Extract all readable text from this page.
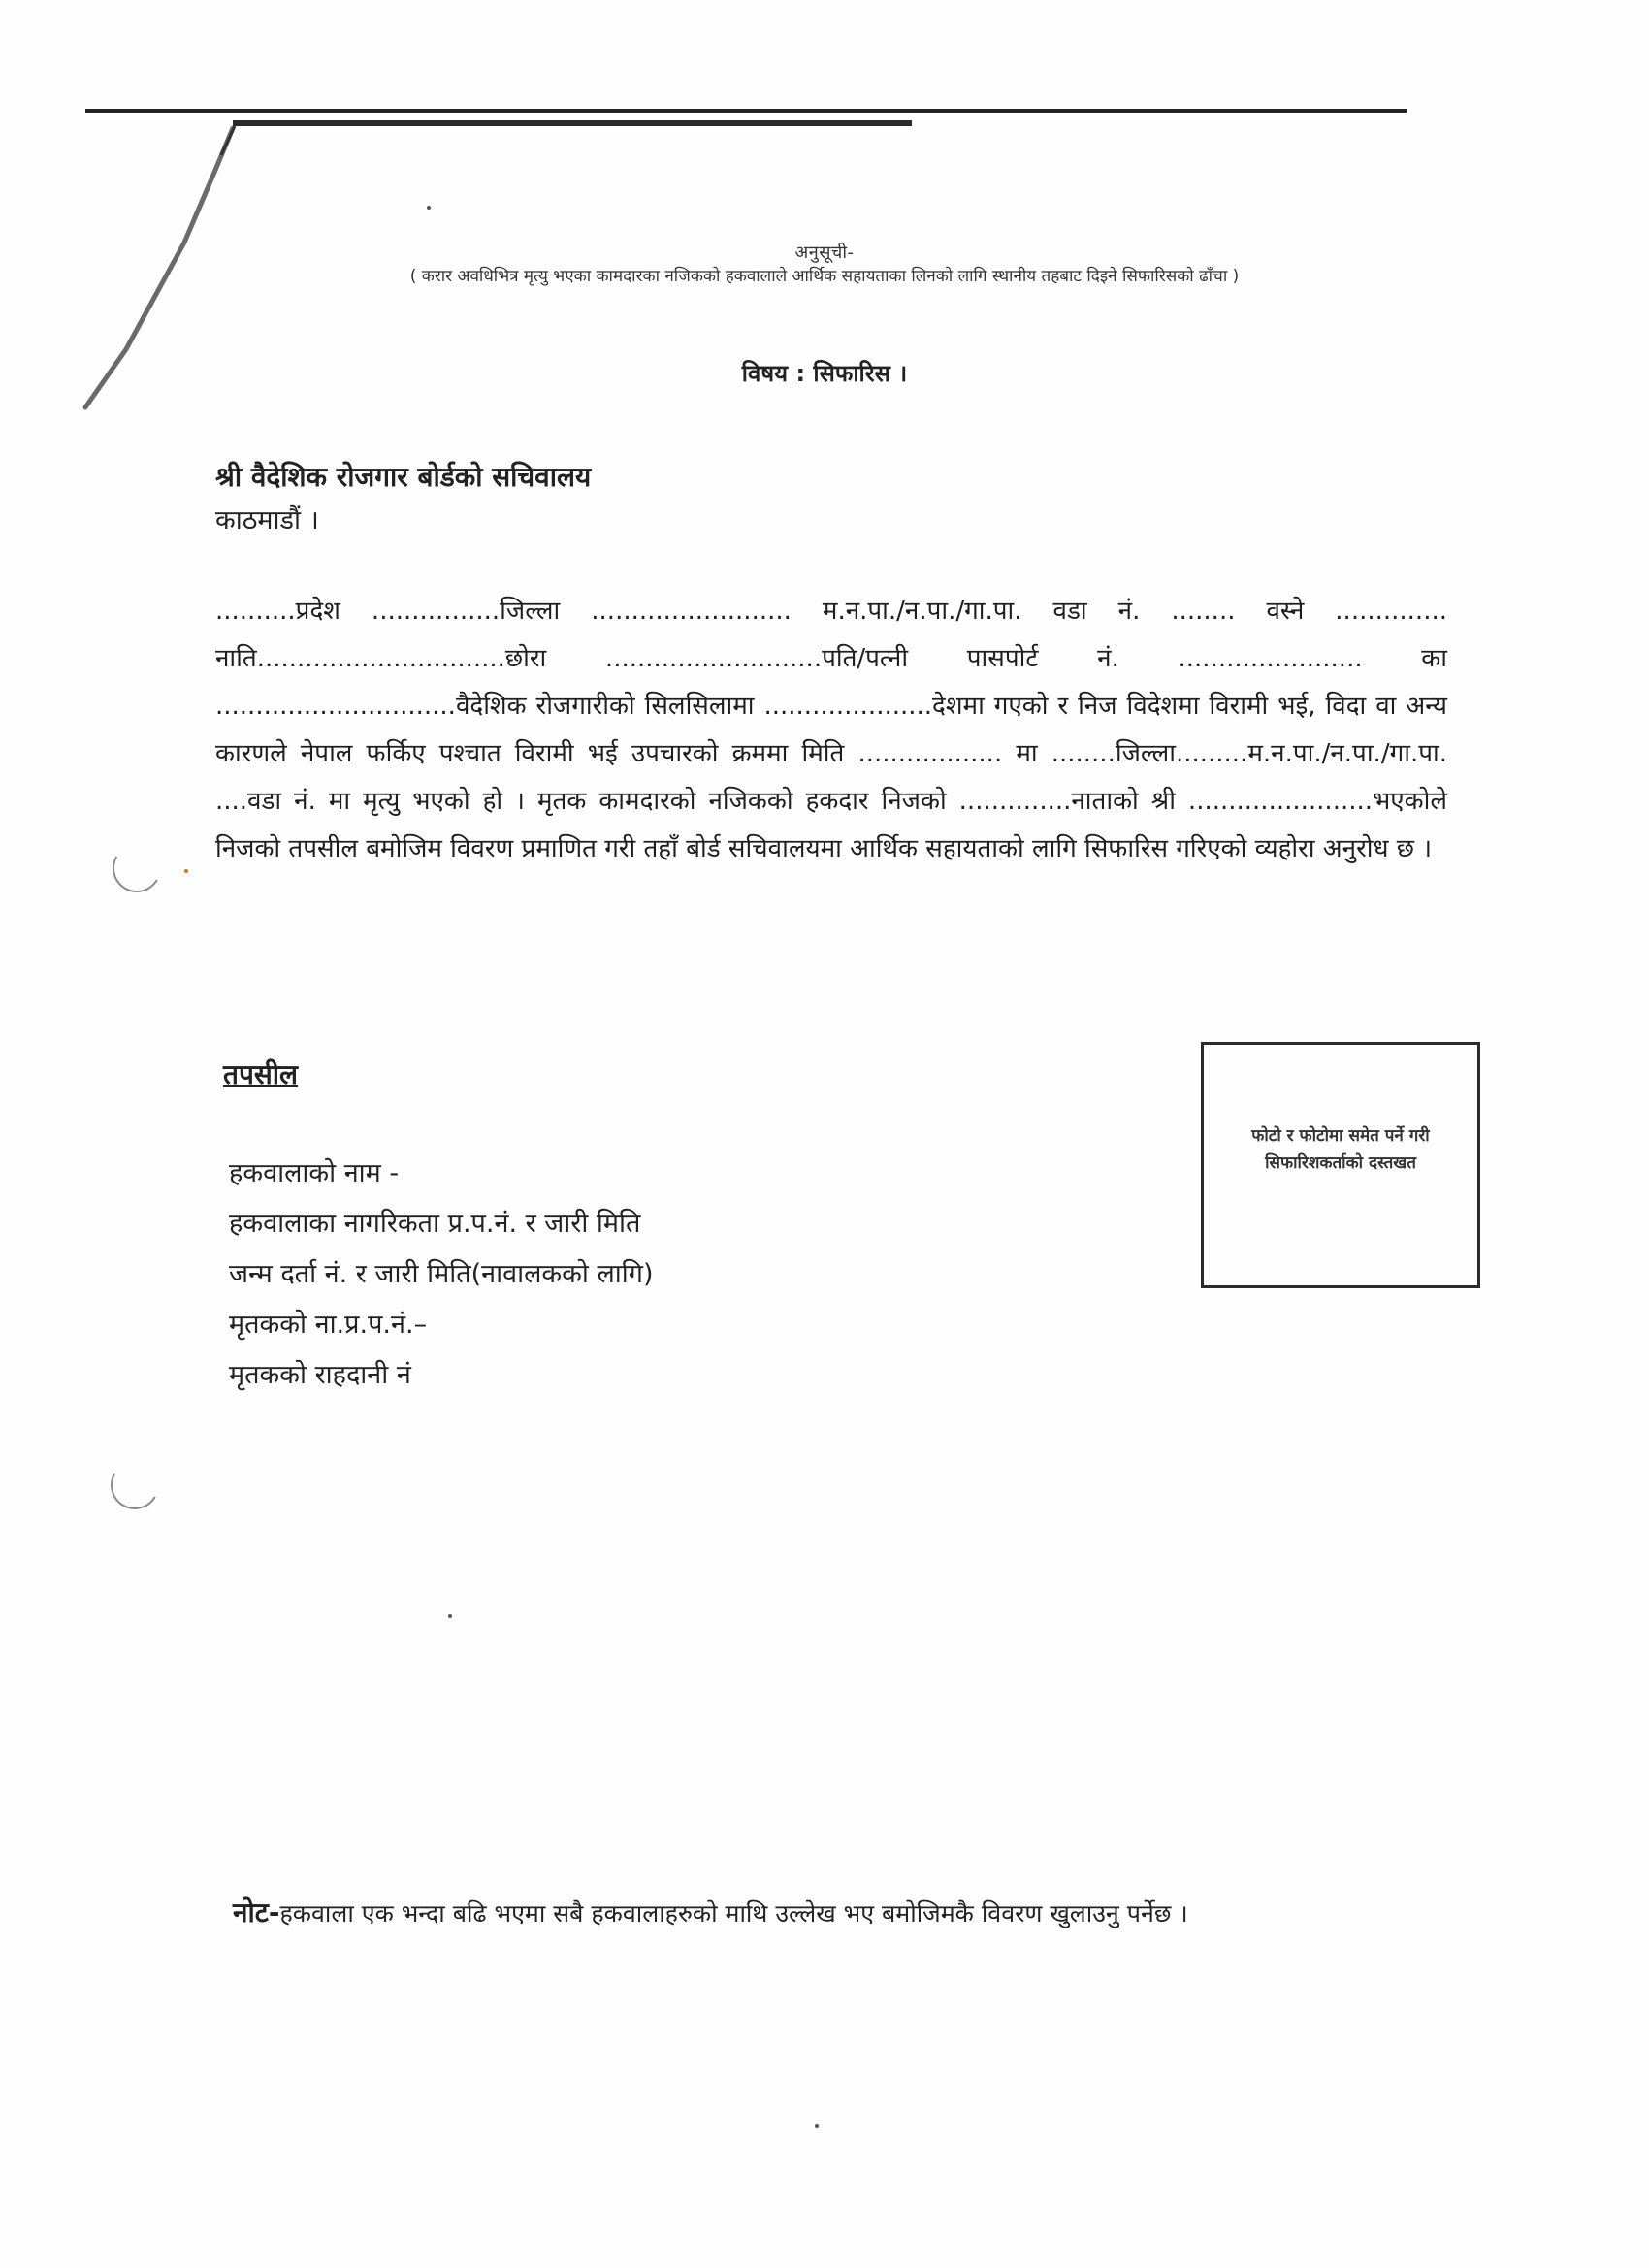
अनुसूची-
( करार अवधिभित्र मृत्यु भएका कामदारका नजिकको हकवालाले आर्थिक सहायताका लिनको लागि स्थानीय तहबाट दिइने सिफारिसको ढाँचा )
विषय : सिफारिस ।
श्री वैदेशिक रोजगार बोर्डको सचिवालय
काठमाडौं ।
..........प्रदेश ................जिल्ला ......................... म.न.पा./न.पा./गा.पा. वडा नं. ........ वस्ने .............. नाति...............................छोरा ...........................पति/पत्नी पासपोर्ट नं. ....................... का ..............................वैदेशिक रोजगारीको सिलसिलामा .....................देशमा गएको र निज विदेशमा विरामी भई, विदा वा अन्य कारणले नेपाल फर्किए पश्चात विरामी भई उपचारको क्रममा मिति .................. मा ........जिल्ला.........म.न.पा./न.पा./गा.पा. ....वडा नं. मा मृत्यु भएको हो । मृतक कामदारको नजिकको हकदार निजको ..............नाताको श्री .......................भएकोले निजको तपसील बमोजिम विवरण प्रमाणित गरी तहाँ बोर्ड सचिवालयमा आर्थिक सहायताको लागि सिफारिस गरिएको व्यहोरा अनुरोध छ ।
तपसील
हकवालाको नाम -
हकवालाका नागरिकता प्र.प.नं. र जारी मिति
जन्म दर्ता नं. र जारी मिति(नावालकको लागि)
मृतकको ना.प्र.प.नं.–
मृतकको राहदानी नं
फोटो र फोटोमा समेत पर्ने गरी सिफारिशकर्ताको दस्तखत
नोट-हकवाला एक भन्दा बढि भएमा सबै हकवालाहरुको माथि उल्लेख भए बमोजिमकै विवरण खुलाउनु पर्नेछ ।
